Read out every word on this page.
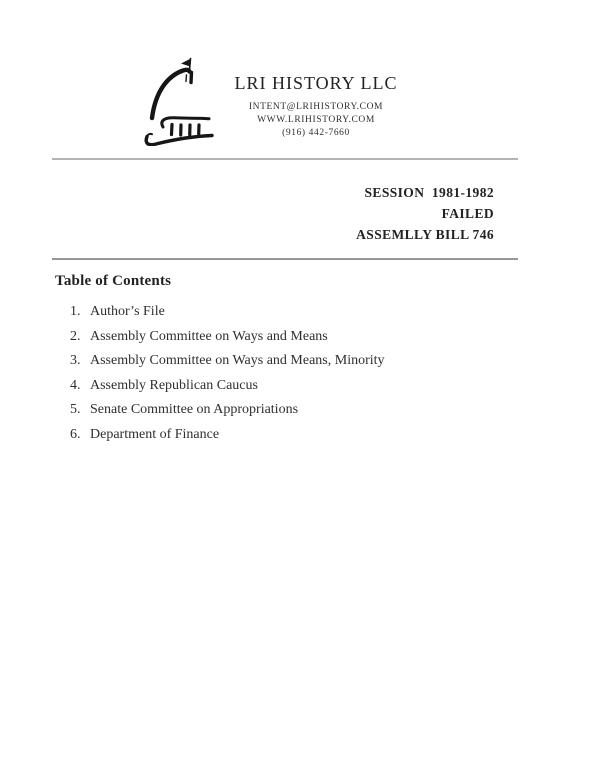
LRI HISTORY LLC
INTENT@LRIHISTORY.COM
WWW.LRIHISTORY.COM
(916) 442-7660
SESSION  1981-1982
FAILED
ASSEMLLY BILL 746
Table of Contents
1. Author’s File
2. Assembly Committee on Ways and Means
3. Assembly Committee on Ways and Means, Minority
4. Assembly Republican Caucus
5. Senate Committee on Appropriations
6. Department of Finance
